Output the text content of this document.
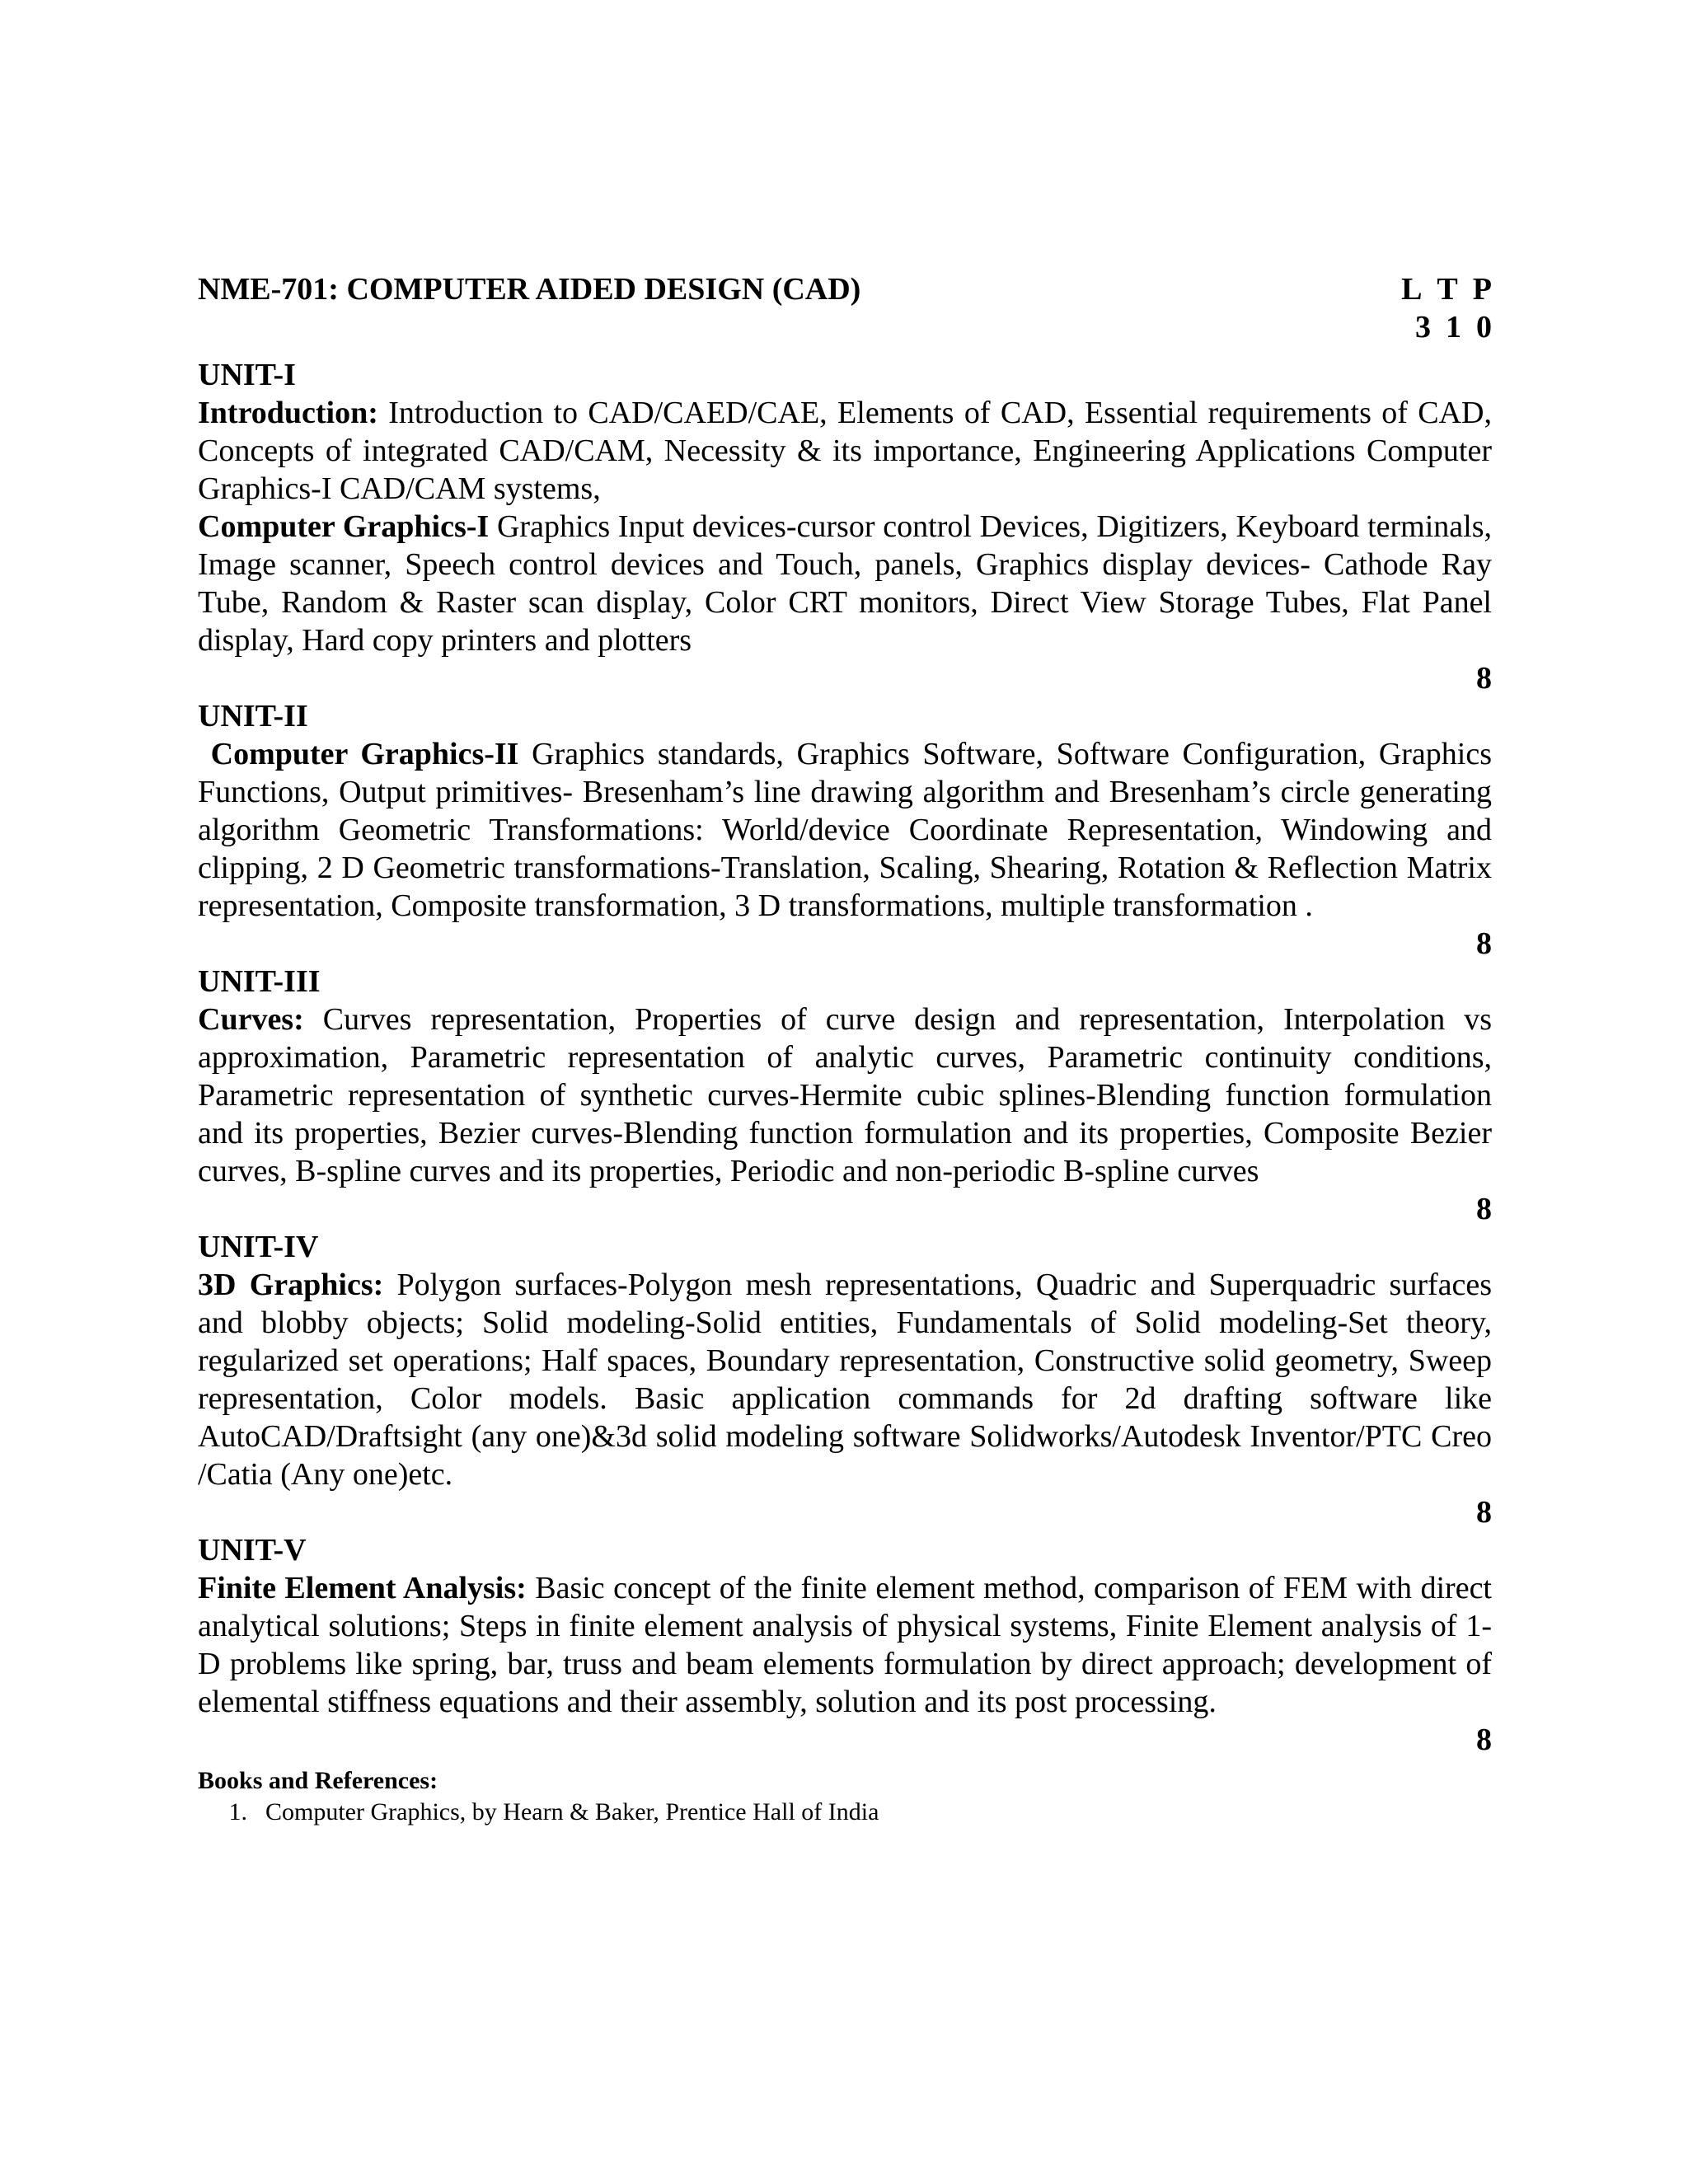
NME-701: COMPUTER AIDED DESIGN (CAD)	L T P
3 1 0

UNIT-I

Introduction: Introduction to CAD/CAED/CAE, Elements of CAD, Essential requirements of CAD, Concepts of integrated CAD/CAM, Necessity & its importance, Engineering Applications Computer Graphics-I CAD/CAM systems,

Computer Graphics-I Graphics Input devices-cursor control Devices, Digitizers, Keyboard terminals, Image scanner, Speech control devices and Touch, panels, Graphics display devices- Cathode Ray Tube, Random & Raster scan display, Color CRT monitors, Direct View Storage Tubes, Flat Panel display, Hard copy printers and plotters

8

UNIT-II

Computer Graphics-II Graphics standards, Graphics Software, Software Configuration, Graphics Functions, Output primitives- Bresenham’s line drawing algorithm and Bresenham’s circle generating algorithm Geometric Transformations: World/device Coordinate Representation, Windowing and clipping, 2 D Geometric transformations-Translation, Scaling, Shearing, Rotation & Reflection Matrix representation, Composite transformation, 3 D transformations, multiple transformation .

8

UNIT-III

Curves: Curves representation, Properties of curve design and representation, Interpolation vs approximation, Parametric representation of analytic curves, Parametric continuity conditions, Parametric representation of synthetic curves-Hermite cubic splines-Blending function formulation and its properties, Bezier curves-Blending function formulation and its properties, Composite Bezier curves, B-spline curves and its properties, Periodic and non-periodic B-spline curves

8

UNIT-IV

3D Graphics: Polygon surfaces-Polygon mesh representations, Quadric and Superquadric surfaces and blobby objects; Solid modeling-Solid entities, Fundamentals of Solid modeling-Set theory, regularized set operations; Half spaces, Boundary representation, Constructive solid geometry, Sweep representation, Color models. Basic application commands for 2d drafting software like AutoCAD/Draftsight (any one)&3d solid modeling software Solidworks/Autodesk Inventor/PTC Creo /Catia (Any one)etc.

8

UNIT-V

Finite Element Analysis: Basic concept of the finite element method, comparison of FEM with direct analytical solutions; Steps in finite element analysis of physical systems, Finite Element analysis of 1-D problems like spring, bar, truss and beam elements formulation by direct approach; development of elemental stiffness equations and their assembly, solution and its post processing.

8

Books and References:

1. Computer Graphics, by Hearn & Baker, Prentice Hall of India
